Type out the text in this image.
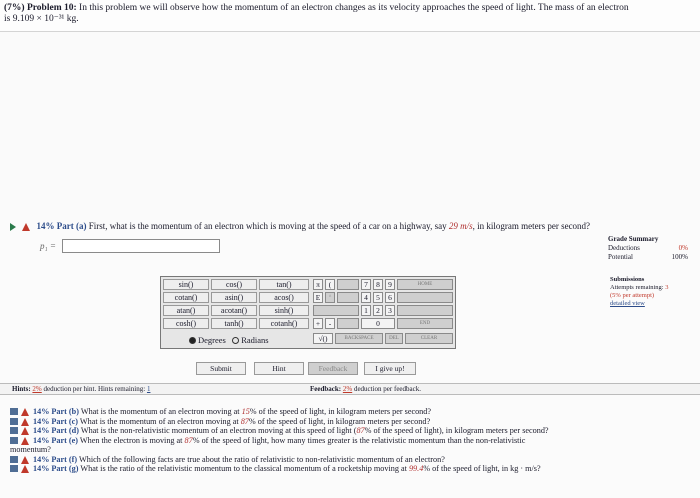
(7%) Problem 10: In this problem we will observe how the momentum of an electron changes as its velocity approaches the speed of light. The mass of an electron
is 9.109 × 10⁻³¹ kg.
14% Part (a) First, what is the momentum of an electron which is moving at the speed of a car on a highway, say 29 m/s, in kilogram meters per second?
p₁ =
Grade Summary
Deductions	0%
Potential	100%
Submissions
Attempts remaining: 3
(5% per attempt)
detailed view
sin()	cos()	tan()
cotan()	asin()	acos()
atan()	acotan()	sinh()
cosh()	tanh()	cotanh()
Degrees Radians
π	(	7	8	9	HOME
E	^	4	5	6
1	2	3
+	-	0	END
√()	BACKSPACE	DEL	CLEAR
Submit	Hint	Feedback	I give up!
Hints: 2% deduction per hint. Hints remaining: 1	Feedback: 2% deduction per feedback.
14% Part (b) What is the momentum of an electron moving at 15% of the speed of light, in kilogram meters per second?
14% Part (c) What is the momentum of an electron moving at 87% of the speed of light, in kilogram meters per second?
14% Part (d) What is the non-relativistic momentum of an electron moving at this speed of light (87% of the speed of light), in kilogram meters per second?
14% Part (e) When the electron is moving at 87% of the speed of light, how many times greater is the relativistic momentum than the non-relativistic
momentum?
14% Part (f) Which of the following facts are true about the ratio of relativistic to non-relativistic momentum of an electron?
14% Part (g) What is the ratio of the relativistic momentum to the classical momentum of a rocketship moving at 99.4% of the speed of light, in kg · m/s?
